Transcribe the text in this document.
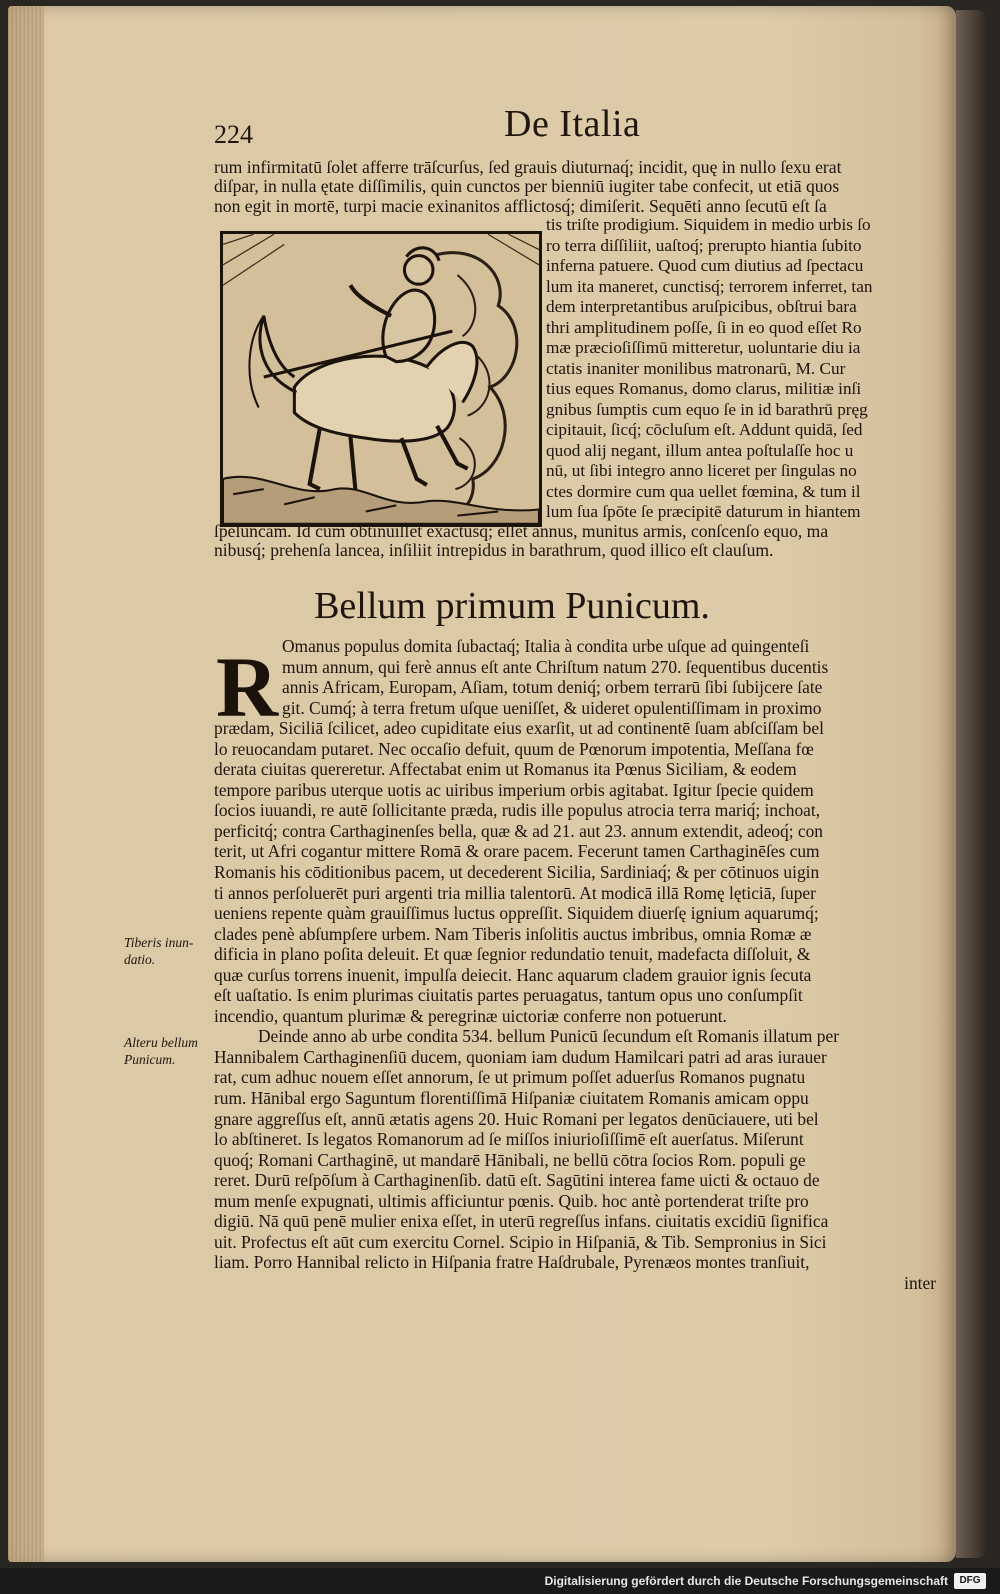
224	De Italia
rum infirmitatū ſolet afferre trāſcurſus, ſed grauis diuturnaq́; incidit, quę in nullo ſexu erat
diſpar, in nulla ętate diſſimilis, quin cunctos per bienniū iugiter tabe confecit, ut etiā quos
non egit in mortē, turpi macie exinanitos afflictosq́; dimiſerit. Sequēti anno ſecutū eſt ſa
tis triſte prodigium. Siquidem in medio urbis ſo
ro terra diſſiliit, uaſtoq́; prerupto hiantia ſubito
inferna patuere. Quod cum diutius ad ſpectacu
lum ita maneret, cunctisq́; terrorem inferret, tan
dem interpretantibus aruſpicibus, obſtrui bara
thri amplitudinem poſſe, ſi in eo quod eſſet Ro
mæ præcioſiſſimū mitteretur, uoluntarie diu ia
ctatis inaniter monilibus matronarū, M. Cur
tius eques Romanus, domo clarus, militiæ inſi
gnibus ſumptis cum equo ſe in id barathrū pręg
cipitauit, ſicq́; cōcluſum eſt. Addunt quidā, ſed
quod alij negant, illum antea poſtulaſſe hoc u
nū, ut ſibi integro anno liceret per ſingulas no
ctes dormire cum qua uellet fœmina, & tum il
lum ſua ſpōte ſe præcipitē daturum in hiantem
ſpeluncam. Id cum obtinuiſſet exactusq́; eſſet annus, munitus armis, conſcenſo equo, ma
nibusq́; prehenſa lancea, inſiliit intrepidus in barathrum, quod illico eſt clauſum.
Bellum primum Punicum.
R Omanus populus domita ſubactaq́; Italia à condita urbe uſque ad quingenteſi
mum annum, qui ferè annus eſt ante Chriſtum natum 270. ſequentibus ducentis
annis Africam, Europam, Aſiam, totum deniq́; orbem terrarū ſibi ſubijcere ſate
git. Cumq́; à terra fretum uſque ueniſſet, & uideret opulentiſſimam in proximo
prædam, Siciliā ſcilicet, adeo cupiditate eius exarſit, ut ad continentē ſuam abſciſſam bel
lo reuocandam putaret. Nec occaſio defuit, quum de Pœnorum impotentia, Meſſana fœ
derata ciuitas quereretur. Affectabat enim ut Romanus ita Pœnus Siciliam, & eodem
tempore paribus uterque uotis ac uiribus imperium orbis agitabat. Igitur ſpecie quidem
ſocios iuuandi, re autē ſollicitante præda, rudis ille populus atrocia terra mariq́; inchoat,
perficitq́; contra Carthaginenſes bella, quæ & ad 21. aut 23. annum extendit, adeoq́; con
terit, ut Afri cogantur mittere Romā & orare pacem. Fecerunt tamen Carthaginēſes cum
Romanis his cōditionibus pacem, ut decederent Sicilia, Sardiniaq́; & per cōtinuos uigin
ti annos perſoluerēt puri argenti tria millia talentorū. At modicā illā Romę lęticiā, ſuper
ueniens repente quàm grauiſſimus luctus oppreſſit. Siquidem diuerſę ignium aquarumq́;
clades penè abſumpſere urbem. Nam Tiberis inſolitis auctus imbribus, omnia Romæ æ
dificia in plano poſita deleuit. Et quæ ſegnior redundatio tenuit, madefacta diſſoluit, &
quæ curſus torrens inuenit, impulſa deiecit. Hanc aquarum cladem grauior ignis ſecuta
eſt uaſtatio. Is enim plurimas ciuitatis partes peruagatus, tantum opus uno conſumpſit
incendio, quantum plurimæ & peregrinæ uictoriæ conferre non potuerunt.
Deinde anno ab urbe condita 534. bellum Punicū ſecundum eſt Romanis illatum per
Hannibalem Carthaginenſiū ducem, quoniam iam dudum Hamilcari patri ad aras iurauer
rat, cum adhuc nouem eſſet annorum, ſe ut primum poſſet aduerſus Romanos pugnatu
rum. Hānibal ergo Saguntum florentiſſimā Hiſpaniæ ciuitatem Romanis amicam oppu
gnare aggreſſus eſt, annū ætatis agens 20. Huic Romani per legatos denūciauere, uti bel
lo abſtineret. Is legatos Romanorum ad ſe miſſos iniurioſiſſimē eſt auerſatus. Miſerunt
quoq́; Romani Carthaginē, ut mandarē Hānibali, ne bellū cōtra ſocios Rom. populi ge
reret. Durū reſpōſum à Carthaginenſib. datū eſt. Sagūtini interea fame uicti & octauo de
mum menſe expugnati, ultimis afficiuntur pœnis. Quib. hoc antè portenderat triſte pro
digiū. Nā quū penē mulier enixa eſſet, in uterū regreſſus infans. ciuitatis excidiū ſignifica
uit. Profectus eſt aūt cum exercitu Cornel. Scipio in Hiſpaniā, & Tib. Sempronius in Sici
liam. Porro Hannibal relicto in Hiſpania fratre Haſdrubale, Pyrenæos montes tranſiuit,
inter
Tiberis inun-
datio.
Alteru bellum
Punicum.
Digitalisierung gefördert durch die Deutsche Forschungsgemeinschaft	DFG
